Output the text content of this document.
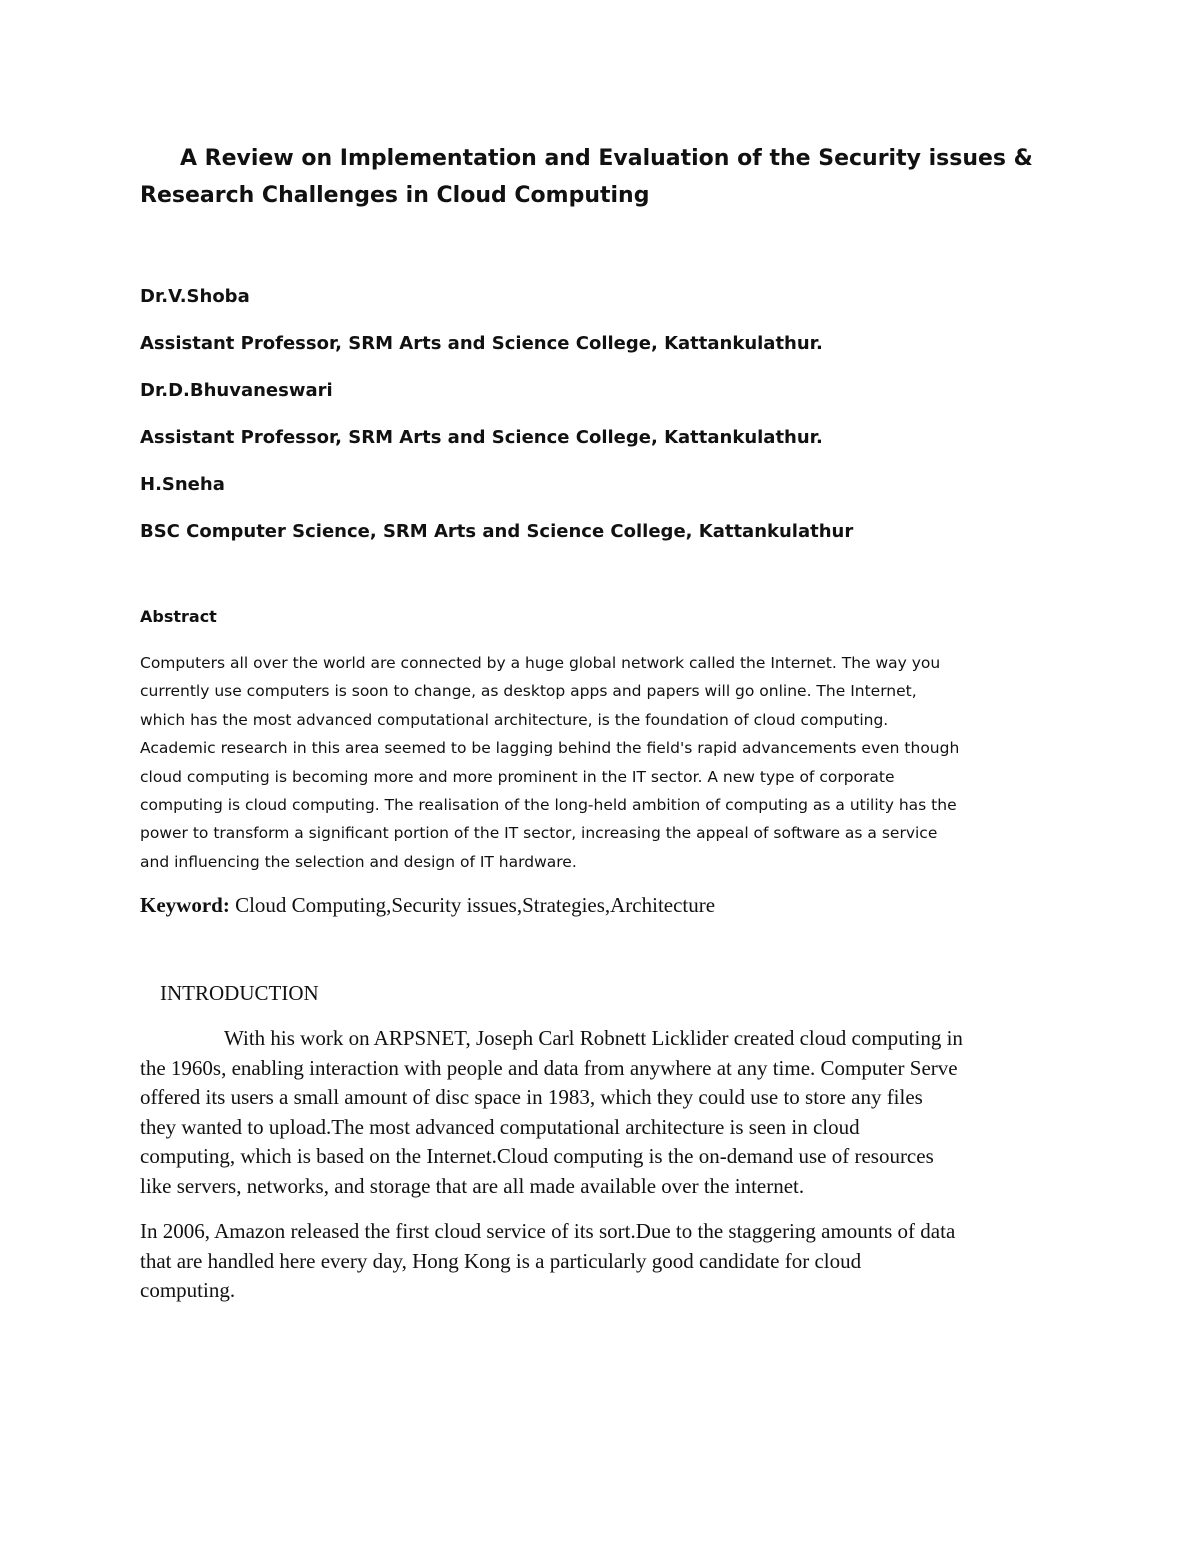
A Review on Implementation and Evaluation of the Security issues &
Research Challenges in Cloud Computing
Dr.V.Shoba
Assistant Professor, SRM Arts and Science College, Kattankulathur.
Dr.D.Bhuvaneswari
Assistant Professor, SRM Arts and Science College, Kattankulathur.
H.Sneha
BSC Computer Science, SRM Arts and Science College, Kattankulathur
Abstract
Computers all over the world are connected by a huge global network called the Internet. The way you
currently use computers is soon to change, as desktop apps and papers will go online. The Internet,
which has the most advanced computational architecture, is the foundation of cloud computing.
Academic research in this area seemed to be lagging behind the field's rapid advancements even though
cloud computing is becoming more and more prominent in the IT sector. A new type of corporate
computing is cloud computing. The realisation of the long-held ambition of computing as a utility has the
power to transform a significant portion of the IT sector, increasing the appeal of software as a service
and influencing the selection and design of IT hardware.
Keyword: Cloud Computing,Security issues,Strategies,Architecture
INTRODUCTION
With his work on ARPSNET, Joseph Carl Robnett Licklider created cloud computing in
the 1960s, enabling interaction with people and data from anywhere at any time. Computer Serve
offered its users a small amount of disc space in 1983, which they could use to store any files
they wanted to upload.The most advanced computational architecture is seen in cloud
computing, which is based on the Internet.Cloud computing is the on-demand use of resources
like servers, networks, and storage that are all made available over the internet.
In 2006, Amazon released the first cloud service of its sort.Due to the staggering amounts of data
that are handled here every day, Hong Kong is a particularly good candidate for cloud
computing.
